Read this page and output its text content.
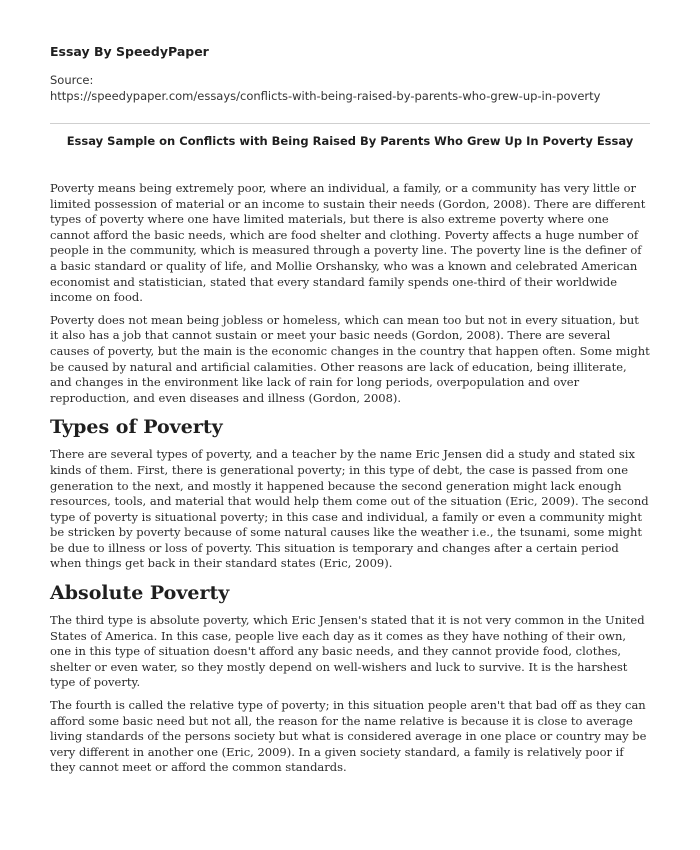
Essay By SpeedyPaper
Source:
https://speedypaper.com/essays/conflicts-with-being-raised-by-parents-who-grew-up-in-poverty
Essay Sample on Conflicts with Being Raised By Parents Who Grew Up In Poverty Essay

Poverty means being extremely poor, where an individual, a family, or a community has very little or limited possession of material or an income to sustain their needs (Gordon, 2008). There are different types of poverty where one have limited materials, but there is also extreme poverty where one cannot afford the basic needs, which are food shelter and clothing. Poverty affects a huge number of people in the community, which is measured through a poverty line. The poverty line is the definer of a basic standard or quality of life, and Mollie Orshansky, who was a known and celebrated American economist and statistician, stated that every standard family spends one-third of their worldwide income on food.

Poverty does not mean being jobless or homeless, which can mean too but not in every situation, but it also has a job that cannot sustain or meet your basic needs (Gordon, 2008). There are several causes of poverty, but the main is the economic changes in the country that happen often. Some might be caused by natural and artificial calamities. Other reasons are lack of education, being illiterate, and changes in the environment like lack of rain for long periods, overpopulation and over reproduction, and even diseases and illness (Gordon, 2008).

Types of Poverty

There are several types of poverty, and a teacher by the name Eric Jensen did a study and stated six kinds of them. First, there is generational poverty; in this type of debt, the case is passed from one generation to the next, and mostly it happened because the second generation might lack enough resources, tools, and material that would help them come out of the situation (Eric, 2009). The second type of poverty is situational poverty; in this case and individual, a family or even a community might be stricken by poverty because of some natural causes like the weather i.e., the tsunami, some might be due to illness or loss of poverty. This situation is temporary and changes after a certain period when things get back in their standard states (Eric, 2009).

Absolute Poverty

The third type is absolute poverty, which Eric Jensen's stated that it is not very common in the United States of America. In this case, people live each day as it comes as they have nothing of their own, one in this type of situation doesn't afford any basic needs, and they cannot provide food, clothes, shelter or even water, so they mostly depend on well-wishers and luck to survive. It is the harshest type of poverty.

The fourth is called the relative type of poverty; in this situation people aren't that bad off as they can afford some basic need but not all, the reason for the name relative is because it is close to average living standards of the persons society but what is considered average in one place or country may be very different in another one (Eric, 2009). In a given society standard, a family is relatively poor if they cannot meet or afford the common standards.
